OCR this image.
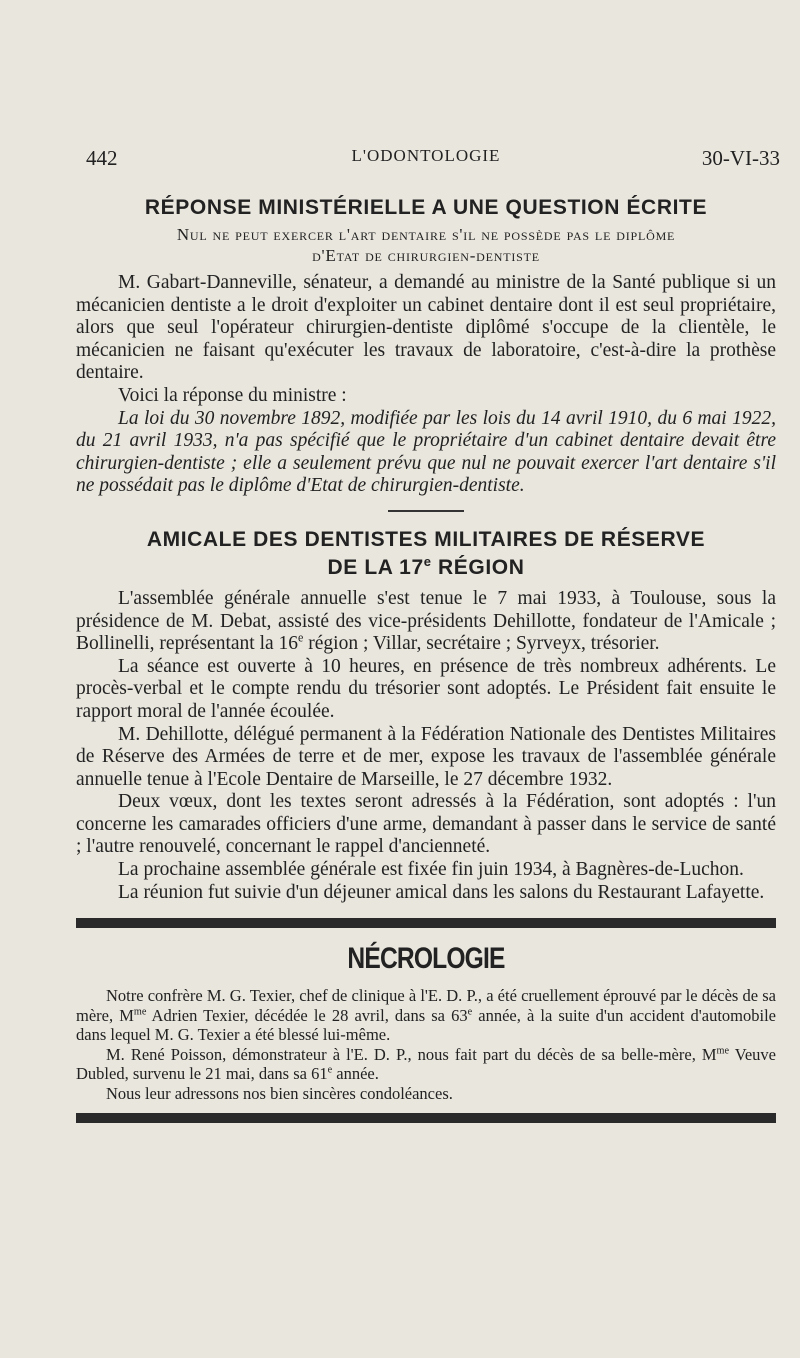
442	L'ODONTOLOGIE	30-VI-33
RÉPONSE MINISTÉRIELLE A UNE QUESTION ÉCRITE
Nul ne peut exercer l'art dentaire s'il ne possède pas le diplôme
d'Etat de chirurgien-dentiste

M. Gabart-Danneville, sénateur, a demandé au ministre de la Santé publique si un mécanicien dentiste a le droit d'exploiter un cabinet dentaire dont il est seul propriétaire, alors que seul l'opérateur chirurgien-dentiste diplômé s'occupe de la clientèle, le mécanicien ne faisant qu'exécuter les travaux de laboratoire, c'est-à-dire la prothèse dentaire.

Voici la réponse du ministre :

La loi du 30 novembre 1892, modifiée par les lois du 14 avril 1910, du 6 mai 1922, du 21 avril 1933, n'a pas spécifié que le propriétaire d'un cabinet dentaire devait être chirurgien-dentiste ; elle a seulement prévu que nul ne pouvait exercer l'art dentaire s'il ne possédait pas le diplôme d'Etat de chirurgien-dentiste.

AMICALE DES DENTISTES MILITAIRES DE RÉSERVE
DE LA 17e RÉGION

L'assemblée générale annuelle s'est tenue le 7 mai 1933, à Toulouse, sous la présidence de M. Debat, assisté des vice-présidents Dehillotte, fondateur de l'Amicale ; Bollinelli, représentant la 16e région ; Villar, secrétaire ; Syrveyx, trésorier.

La séance est ouverte à 10 heures, en présence de très nombreux adhérents. Le procès-verbal et le compte rendu du trésorier sont adoptés. Le Président fait ensuite le rapport moral de l'année écoulée.

M. Dehillotte, délégué permanent à la Fédération Nationale des Dentistes Militaires de Réserve des Armées de terre et de mer, expose les travaux de l'assemblée générale annuelle tenue à l'Ecole Dentaire de Marseille, le 27 décembre 1932.

Deux vœux, dont les textes seront adressés à la Fédération, sont adoptés : l'un concerne les camarades officiers d'une arme, demandant à passer dans le service de santé ; l'autre renouvelé, concernant le rappel d'ancienneté.

La prochaine assemblée générale est fixée fin juin 1934, à Bagnères-de-Luchon.

La réunion fut suivie d'un déjeuner amical dans les salons du Restaurant Lafayette.

NÉCROLOGIE

Notre confrère M. G. Texier, chef de clinique à l'E. D. P., a été cruellement éprouvé par le décès de sa mère, $M^{me}$ Adrien Texier, décédée le 28 avril, dans sa 63e année, à la suite d'un accident d'automobile dans lequel M. G. Texier a été blessé lui-même.

M. René Poisson, démonstrateur à l'E. D. P., nous fait part du décès de sa belle-mère, $M^{me}$ Veuve Dubled, survenu le 21 mai, dans sa 61e année.

Nous leur adressons nos bien sincères condoléances.
